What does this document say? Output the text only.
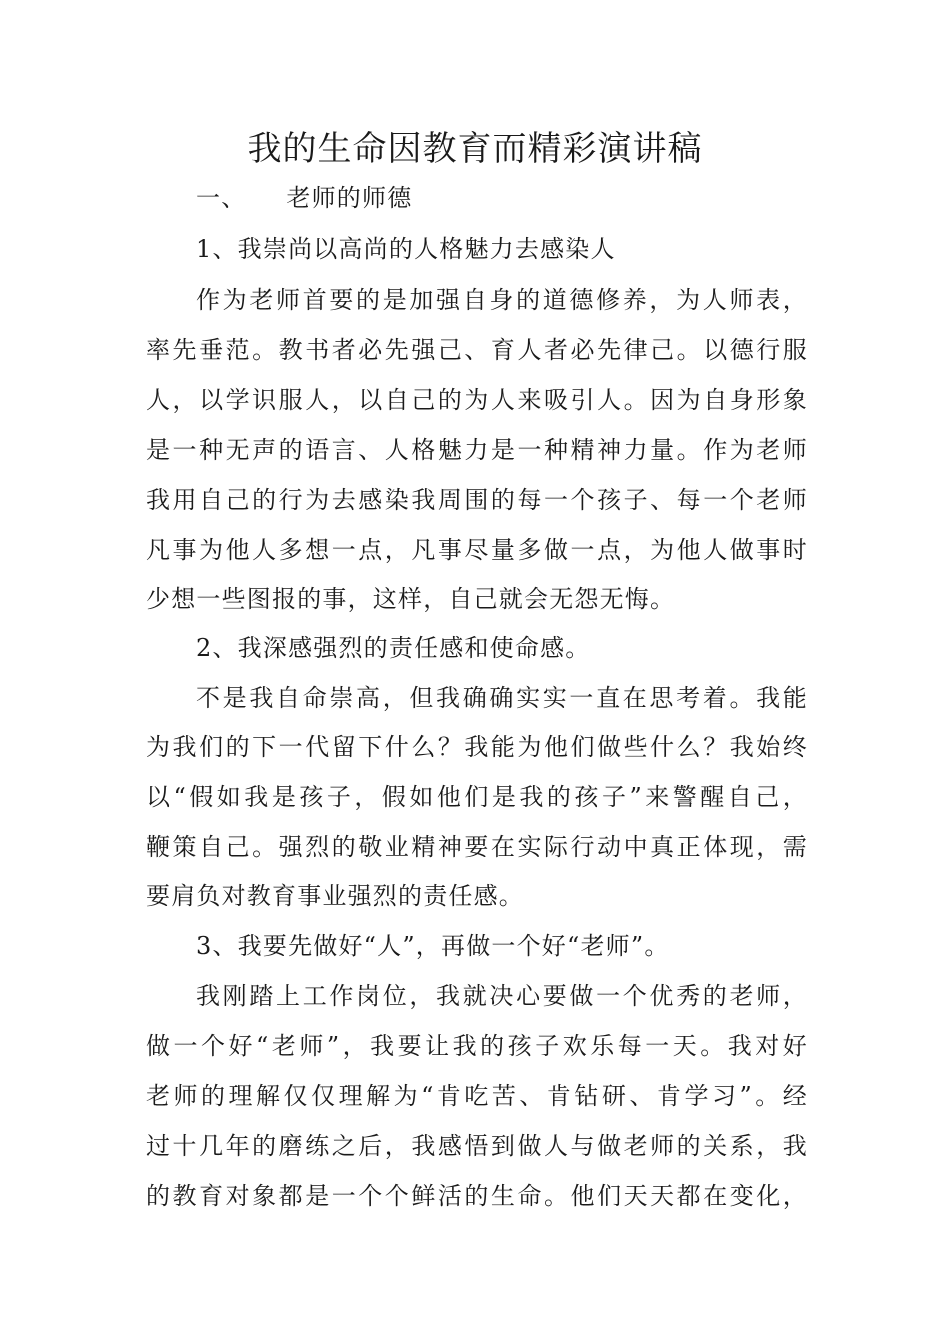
我的生命因教育而精彩演讲稿
一、 老师的师德
1、我崇尚以高尚的人格魅力去感染人
作为老师首要的是加强自身的道德修养，为人师表，
率先垂范。教书者必先强己、育人者必先律己。以德行服
人，以学识服人，以自己的为人来吸引人。因为自身形象
是一种无声的语言、人格魅力是一种精神力量。作为老师
我用自己的行为去感染我周围的每一个孩子、每一个老师
凡事为他人多想一点，凡事尽量多做一点，为他人做事时
少想一些图报的事，这样，自己就会无怨无悔。
2、我深感强烈的责任感和使命感。
不是我自命崇高，但我确确实实一直在思考着。我能
为我们的下一代留下什么？我能为他们做些什么？我始终
以“假如我是孩子，假如他们是我的孩子”来警醒自己，
鞭策自己。强烈的敬业精神要在实际行动中真正体现，需
要肩负对教育事业强烈的责任感。
3、我要先做好“人”，再做一个好“老师”。
我刚踏上工作岗位，我就决心要做一个优秀的老师，
做一个好“老师”，我要让我的孩子欢乐每一天。我对好
老师的理解仅仅理解为“肯吃苦、肯钻研、肯学习”。经
过十几年的磨练之后，我感悟到做人与做老师的关系，我
的教育对象都是一个个鲜活的生命。他们天天都在变化，
